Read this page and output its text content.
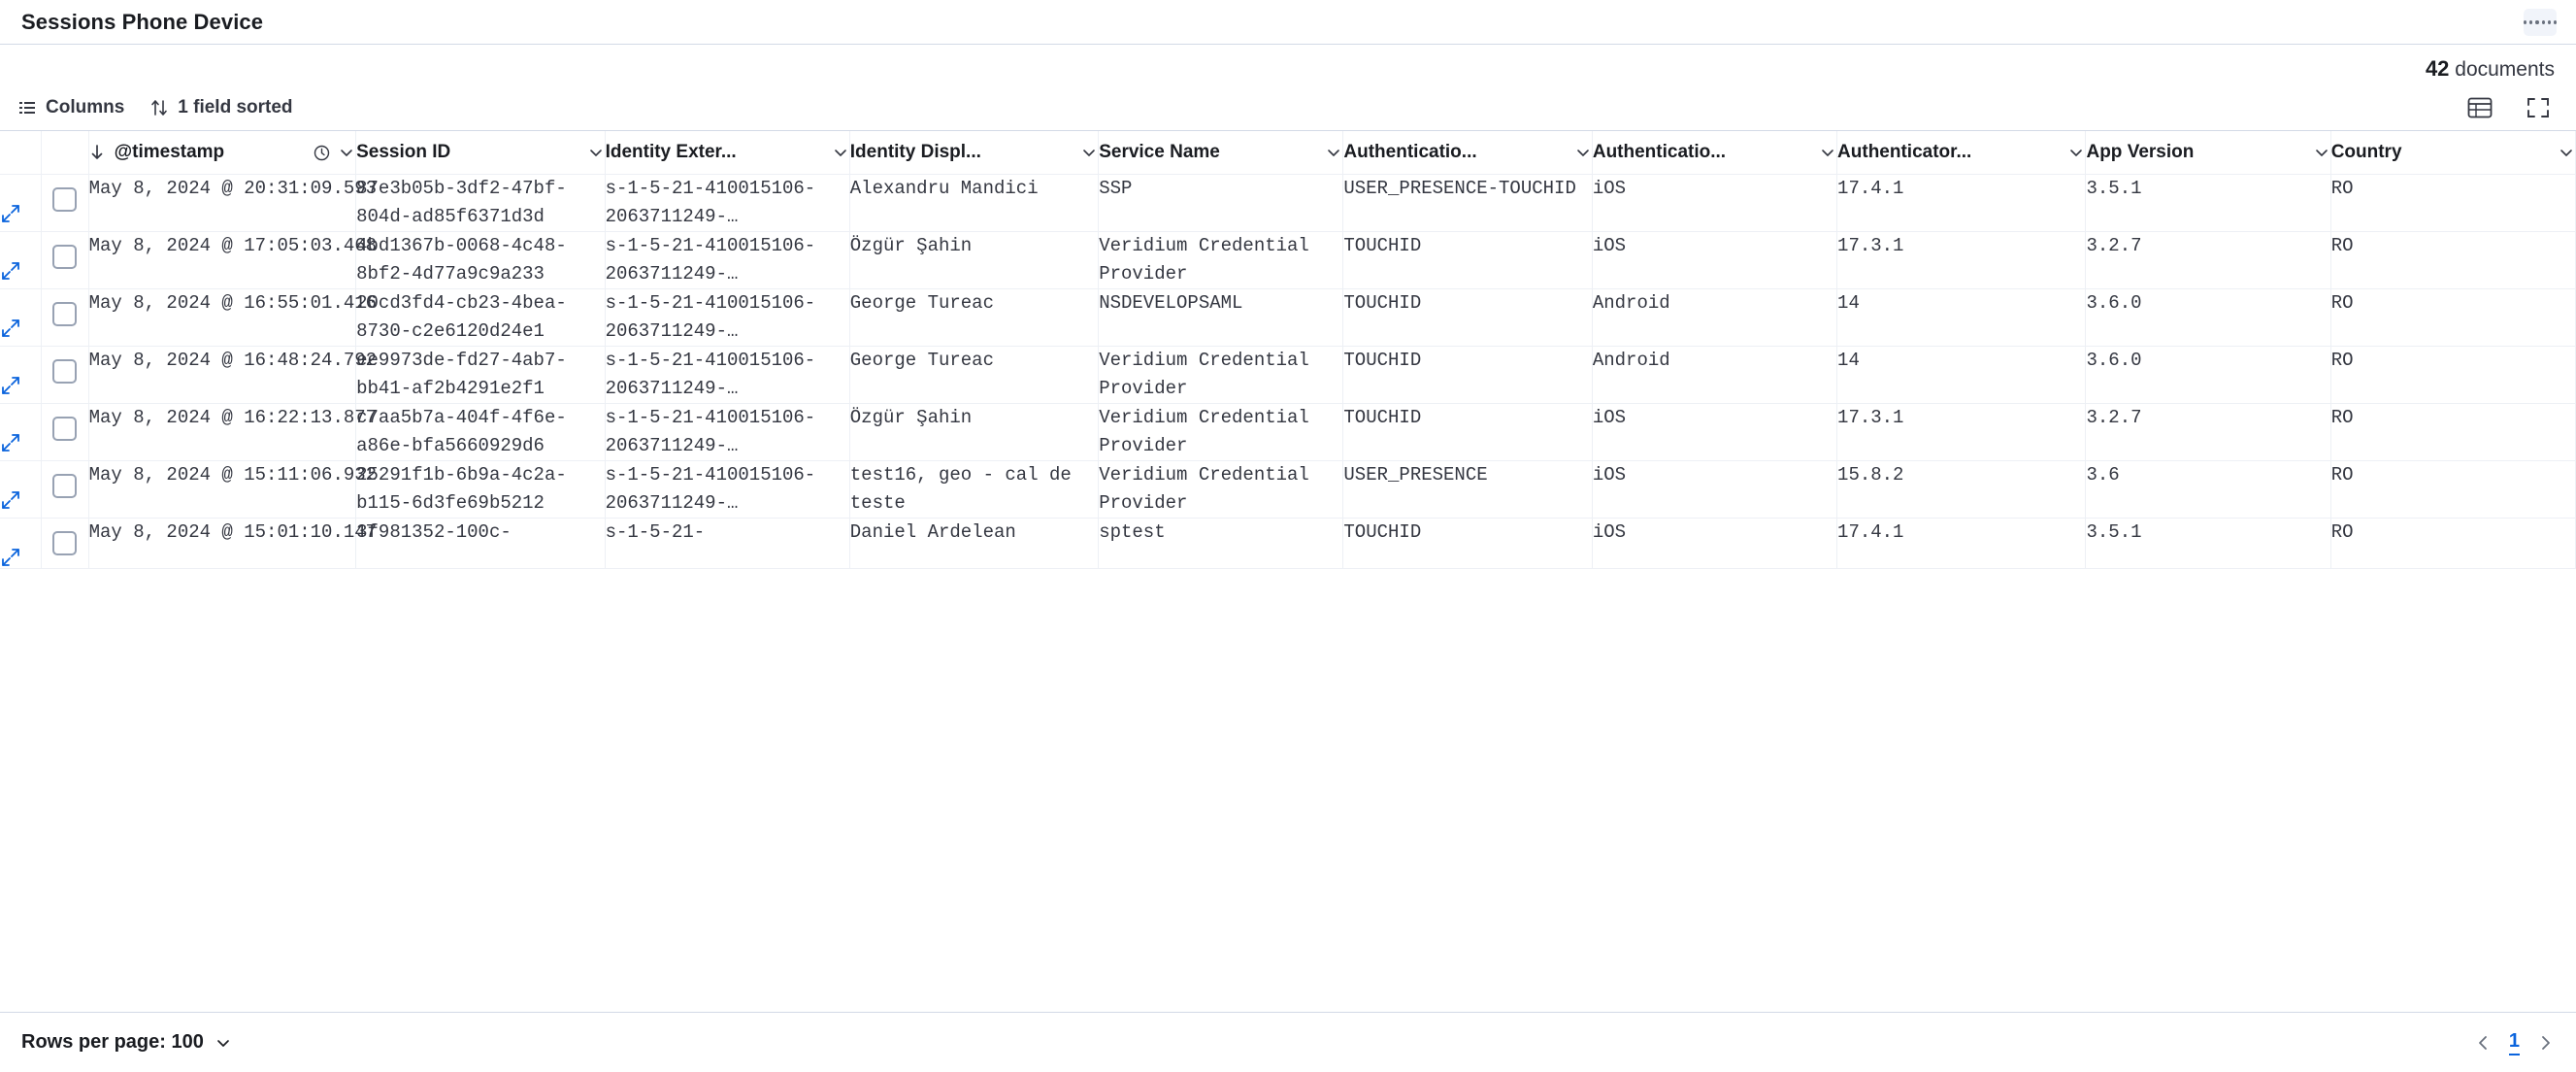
Sessions Phone Device
42 documents
Columns	1 field sorted

		@timestamp	Session ID	Identity Exter...	Identity Displ...	Service Name	Authenticatio...	Authenticatio...	Authenticator...	App Version	Country

	May 8, 2024 @ 20:31:09.593	87e3b05b-3df2-47bf-804d-ad85f6371d3d	s-1-5-21-410015106-2063711249-…	Alexandru Mandici	SSP	USER_PRESENCE-TOUCHID	iOS	17.4.1	3.5.1	RO

	May 8, 2024 @ 17:05:03.468	4bd1367b-0068-4c48-8bf2-4d77a9c9a233	s-1-5-21-410015106-2063711249-…	Özgür Şahin	Veridium Credential Provider	TOUCHID	iOS	17.3.1	3.2.7	RO

	May 8, 2024 @ 16:55:01.416	20cd3fd4-cb23-4bea-8730-c2e6120d24e1	s-1-5-21-410015106-2063711249-…	George Tureac	NSDEVELOPSAML	TOUCHID	Android	14	3.6.0	RO

	May 8, 2024 @ 16:48:24.792	ee9973de-fd27-4ab7-bb41-af2b4291e2f1	s-1-5-21-410015106-2063711249-…	George Tureac	Veridium Credential Provider	TOUCHID	Android	14	3.6.0	RO

	May 8, 2024 @ 16:22:13.877	c7aa5b7a-404f-4f6e-a86e-bfa5660929d6	s-1-5-21-410015106-2063711249-…	Özgür Şahin	Veridium Credential Provider	TOUCHID	iOS	17.3.1	3.2.7	RO

	May 8, 2024 @ 15:11:06.932	25291f1b-6b9a-4c2a-b115-6d3fe69b5212	s-1-5-21-410015106-2063711249-…	test16, geo - cal de teste	Veridium Credential Provider	USER_PRESENCE	iOS	15.8.2	3.6	RO

	May 8, 2024 @ 15:01:10.147	3f981352-100c-	s-1-5-21-	Daniel Ardelean	sptest	TOUCHID	iOS	17.4.1	3.5.1	RO
Rows per page: 100	1
